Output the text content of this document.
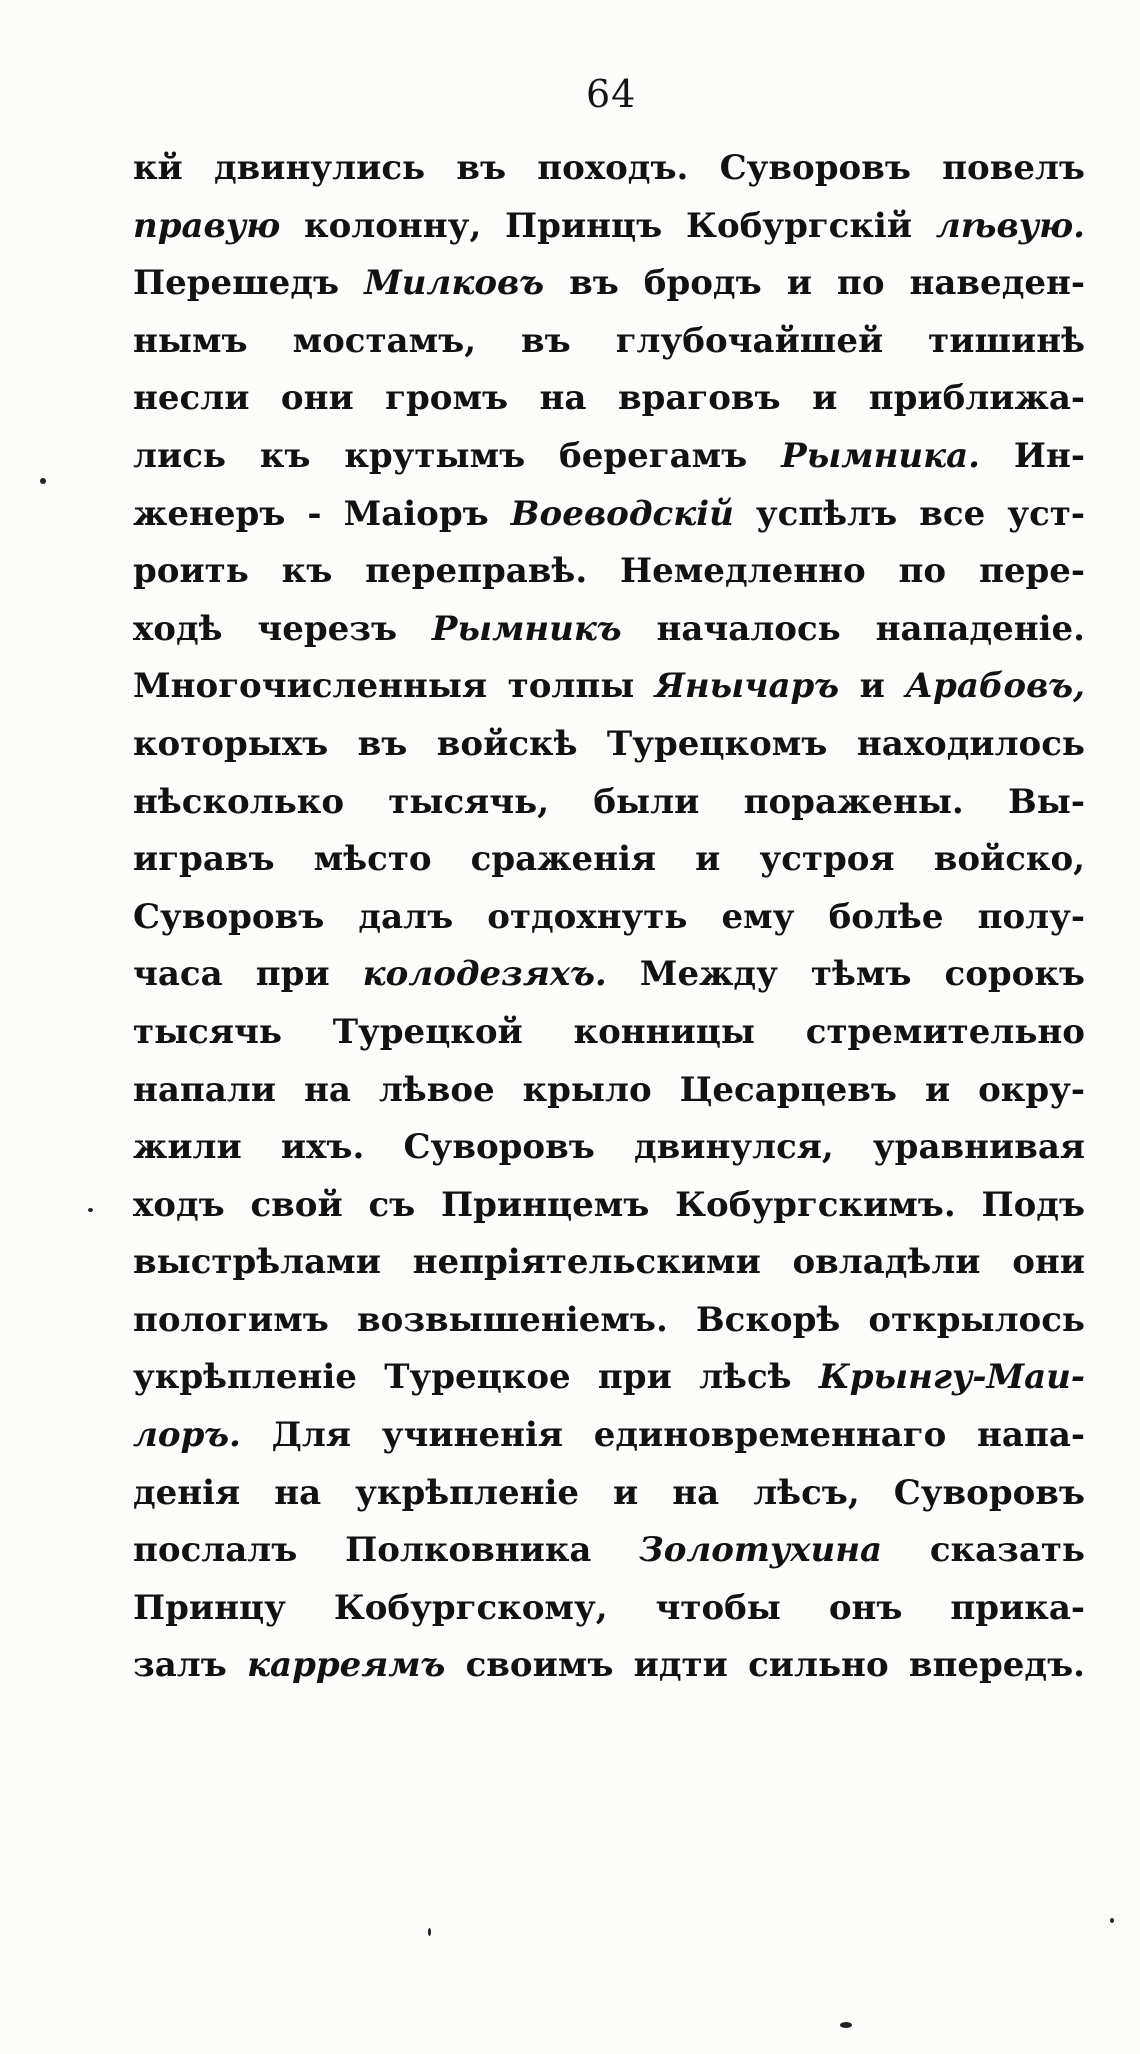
64
кй двинулись въ походъ. Суворовъ повелъ
правую колонну, Принцъ Кобургскій лѣвую.
Перешедъ Милковъ въ бродъ и по наведен-
нымъ мостамъ, въ глубочайшей тишинѣ
несли они громъ на враговъ и приближа-
лись къ крутымъ берегамъ Рымника. Ин-
женеръ - Маіоръ Воеводскій успѣлъ все уст-
роить къ переправѣ. Немедленно по пере-
ходѣ черезъ Рымникъ началось нападеніе.
Многочисленныя толпы Янычаръ и Арабовъ,
которыхъ въ войскѣ Турецкомъ находилось
нѣсколько тысячь, были поражены. Вы-
игравъ мѣсто сраженія и устроя войско,
Суворовъ далъ отдохнуть ему болѣе полу-
часа при колодезяхъ. Между тѣмъ сорокъ
тысячь Турецкой конницы стремительно
напали на лѣвое крыло Цесарцевъ и окру-
жили ихъ. Суворовъ двинулся, уравнивая
ходъ свой съ Принцемъ Кобургскимъ. Подъ
выстрѣлами непріятельскими овладѣли они
пологимъ возвышеніемъ. Вскорѣ открылось
укрѣпленіе Турецкое при лѣсѣ Крынгу-Маи-
лоръ. Для учиненія единовременнаго напа-
денія на укрѣпленіе и на лѣсъ, Суворовъ
послалъ Полковника Золотухина сказать
Принцу Кобургскому, чтобы онъ прика-
залъ карреямъ своимъ идти сильно впередъ.
